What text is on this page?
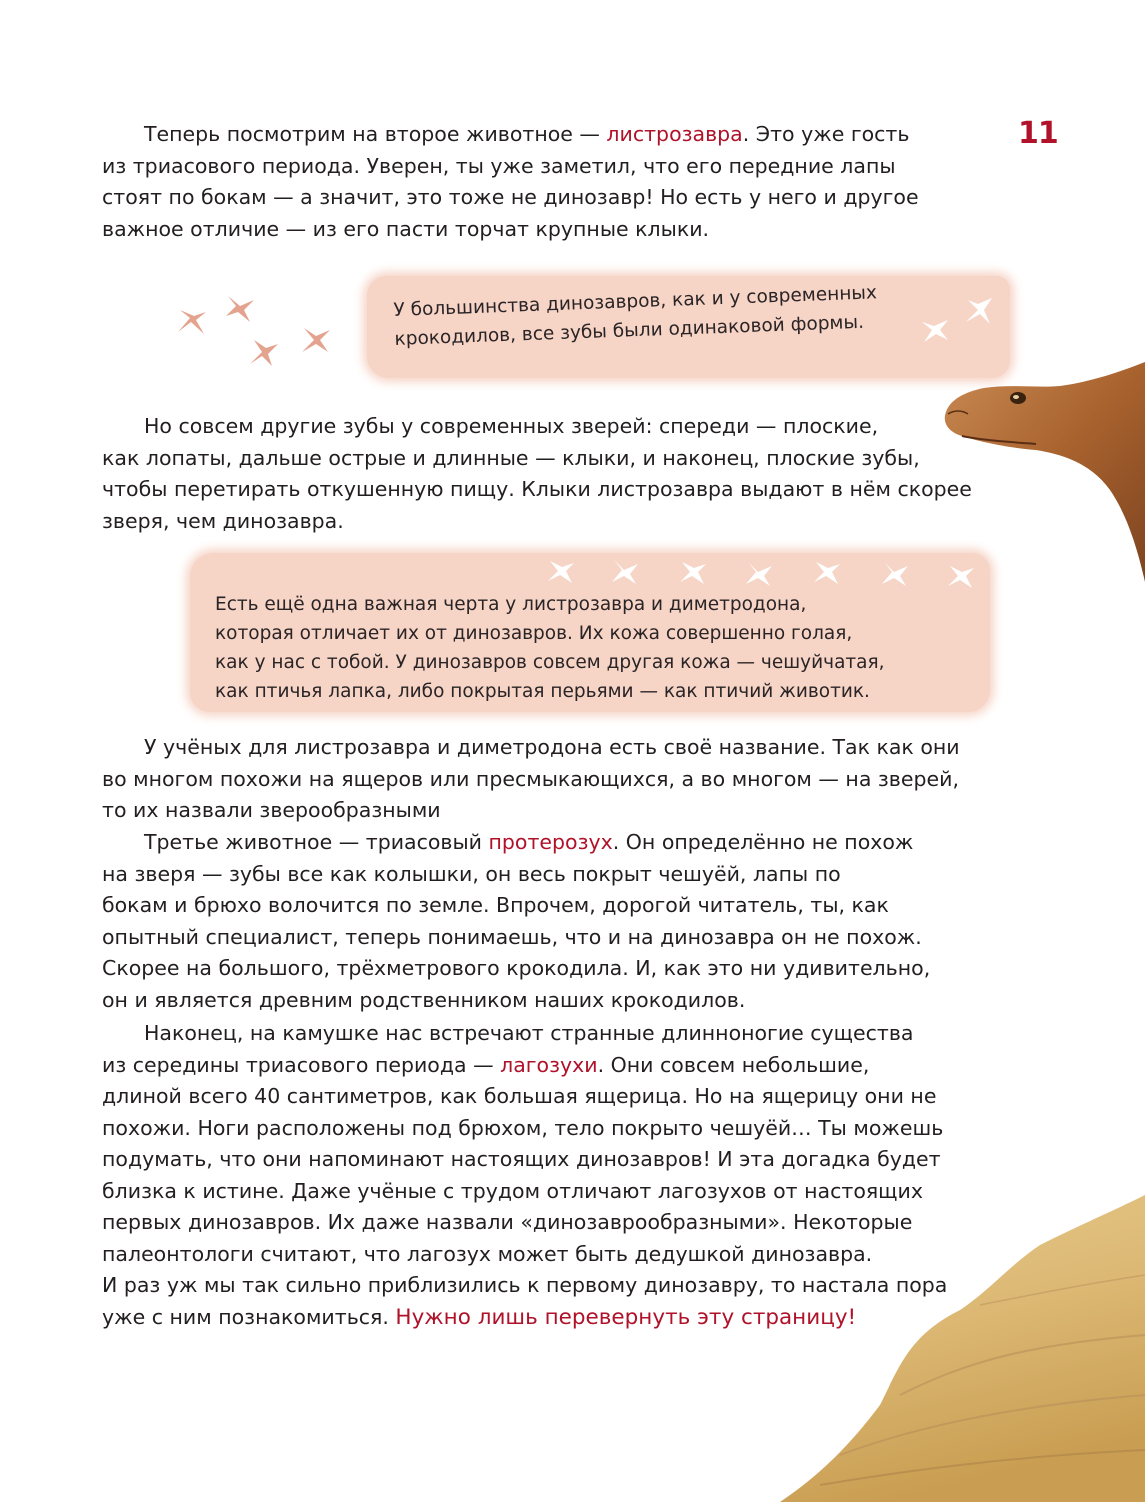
11
Теперь посмотрим на второе животное — листрозавра. Это уже гость
из триасового периода. Уверен, ты уже заметил, что его передние лапы
стоят по бокам — а значит, это тоже не динозавр! Но есть у него и другое
важное отличие — из его пасти торчат крупные клыки.
У большинства динозавров, как и у современных
крокодилов, все зубы были одинаковой формы.
Но совсем другие зубы у современных зверей: спереди — плоские,
как лопаты, дальше острые и длинные — клыки, и наконец, плоские зубы,
чтобы перетирать откушенную пищу. Клыки листрозавра выдают в нём скорее
зверя, чем динозавра.
Есть ещё одна важная черта у листрозавра и диметродона,
которая отличает их от динозавров. Их кожа совершенно голая,
как у нас с тобой. У динозавров совсем другая кожа — чешуйчатая,
как птичья лапка, либо покрытая перьями — как птичий животик.
У учёных для листрозавра и диметродона есть своё название. Так как они
во многом похожи на ящеров или пресмыкающихся, а во многом — на зверей,
то их назвали зверообразными
Третье животное — триасовый протерозух. Он определённо не похож
на зверя — зубы все как колышки, он весь покрыт чешуёй, лапы по
бокам и брюхо волочится по земле. Впрочем, дорогой читатель, ты, как
опытный специалист, теперь понимаешь, что и на динозавра он не похож.
Скорее на большого, трёхметрового крокодила. И, как это ни удивительно,
он и является древним родственником наших крокодилов.
Наконец, на камушке нас встречают странные длинноногие существа
из середины триасового периода — лагозухи. Они совсем небольшие,
длиной всего 40 сантиметров, как большая ящерица. Но на ящерицу они не
похожи. Ноги расположены под брюхом, тело покрыто чешуёй… Ты можешь
подумать, что они напоминают настоящих динозавров! И эта догадка будет
близка к истине. Даже учёные с трудом отличают лагозухов от настоящих
первых динозавров. Их даже назвали «динозаврообразными». Некоторые
палеонтологи считают, что лагозух может быть дедушкой динозавра.
И раз уж мы так сильно приблизились к первому динозавру, то настала пора
уже с ним познакомиться. Нужно лишь перевернуть эту страницу!
